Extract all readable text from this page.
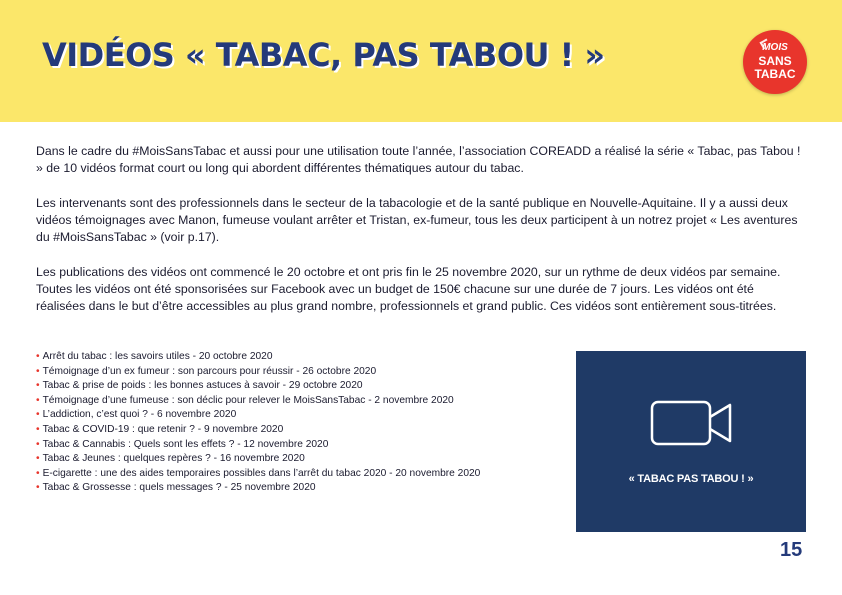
VIDÉOS « TABAC, PAS TABOU ! »	MOIS
SANS
TABAC

Dans le cadre du #MoisSansTabac et aussi pour une utilisation toute l’année, l’association COREADD a réalisé la série « Tabac, pas Tabou ! » de 10 vidéos format court ou long qui abordent différentes thématiques autour du tabac.

Les intervenants sont des professionnels dans le secteur de la tabacologie et de la santé publique en Nouvelle-Aquitaine. Il y a aussi deux vidéos témoignages avec Manon, fumeuse voulant arrêter et Tristan, ex-fumeur, tous les deux participent à un notrez projet « Les aventures du #MoisSansTabac » (voir p.17).

Les publications des vidéos ont commencé le 20 octobre et ont pris fin le 25 novembre 2020, sur un rythme de deux vidéos par semaine. Toutes les vidéos ont été sponsorisées sur Facebook avec un budget de 150€ chacune sur une durée de 7 jours. Les vidéos ont été réalisées dans le but d’être accessibles au plus grand nombre, professionnels et grand public. Ces vidéos sont entièrement sous-titrées.

• Arrêt du tabac : les savoirs utiles - 20 octobre 2020
• Témoignage d’un ex fumeur : son parcours pour réussir - 26 octobre 2020
• Tabac & prise de poids : les bonnes astuces à savoir - 29 octobre 2020
• Témoignage d’une fumeuse : son déclic pour relever le MoisSansTabac - 2 novembre 2020
• L’addiction, c’est quoi ? - 6 novembre 2020
• Tabac & COVID-19 : que retenir ? - 9 novembre 2020
• Tabac & Cannabis : Quels sont les effets ? - 12 novembre 2020
• Tabac & Jeunes : quelques repères ? - 16 novembre 2020
• E-cigarette : une des aides temporaires possibles dans l’arrêt du tabac 2020 - 20 novembre 2020
• Tabac & Grossesse : quels messages ? - 25 novembre 2020
« TABAC PAS TABOU ! »
15
